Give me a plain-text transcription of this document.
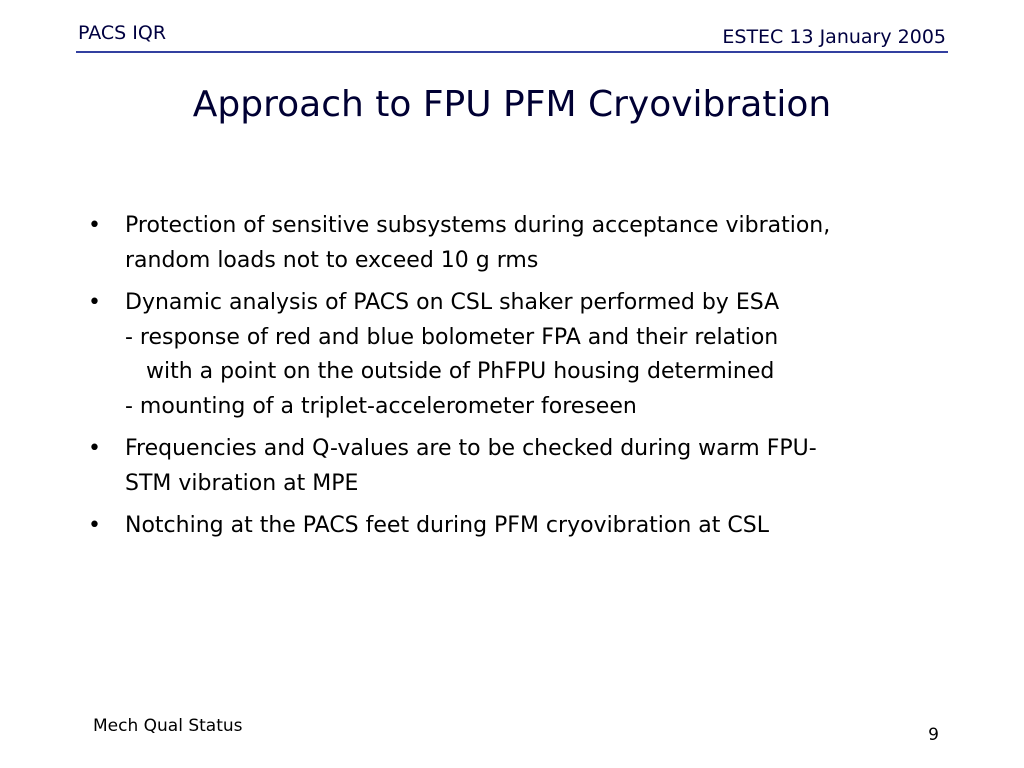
PACS IQR	ESTEC 13 January 2005
Approach to FPU PFM Cryovibration
• Protection of sensitive subsystems during acceptance vibration,
random loads not to exceed 10 g rms
• Dynamic analysis of PACS on CSL shaker performed by ESA
- response of red and blue bolometer FPA and their relation
with a point on the outside of PhFPU housing determined
- mounting of a triplet-accelerometer foreseen
• Frequencies and Q-values are to be checked during warm FPU-
STM vibration at MPE
• Notching at the PACS feet during PFM cryovibration at CSL
Mech Qual Status	9
